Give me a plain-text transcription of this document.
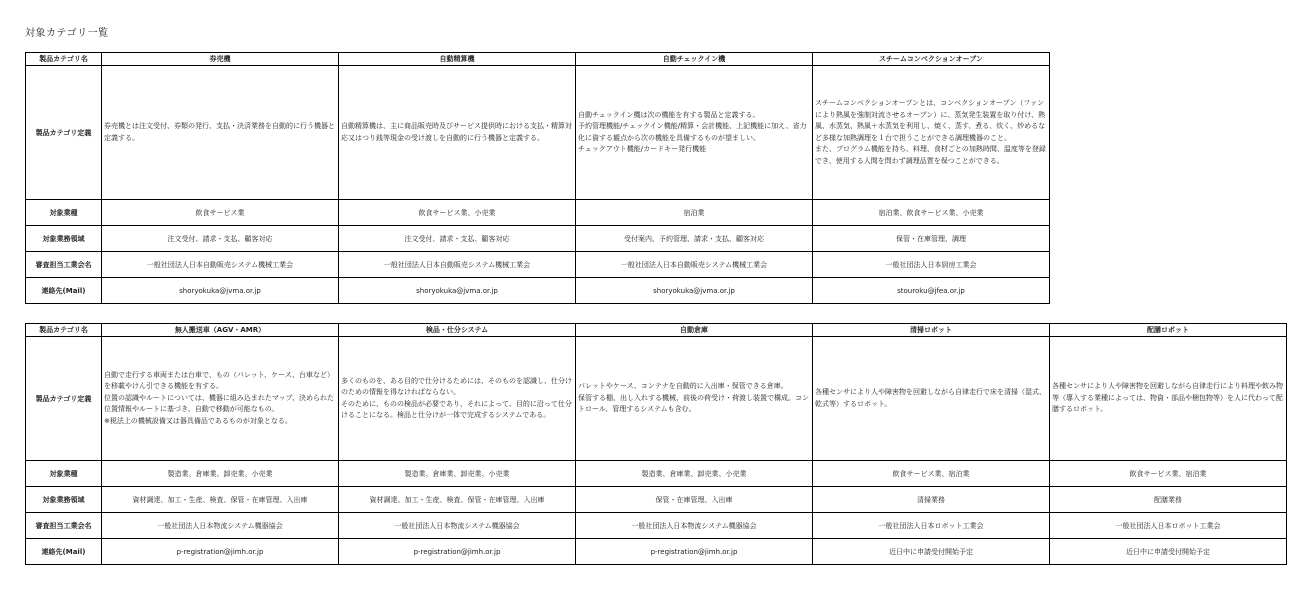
対象カテゴリ一覧
製品カテゴリ名	券売機	自動精算機	自動チェックイン機	スチームコンベクションオーブン
製品カテゴリ定義	券売機とは注文受付、券類の発行、支払・決済業務を自動的に行う機器と定義する。	自動精算機は、主に商品販売時及びサービス提供時における支払・精算対応又はつり銭等現金の受け渡しを自動的に行う機器と定義する。	自動チェックイン機は次の機能を有する製品と定義する。
予約管理機能/チェックイン機能/精算・会計機能、上記機能に加え、省力化に資する観点から次の機能を具備するものが望ましい。
チェックアウト機能/カードキー発行機能	スチームコンベクションオーブンとは、コンベクションオーブン（ファンにより熱風を強制対流させるオーブン）に、蒸気発生装置を取り付け、熱風、水蒸気、熱風＋水蒸気を利用し、焼く、蒸す、煮る、炊く、炒めるなど多様な加熱調理を１台で担うことができる調理機器のこと。
また、プログラム機能を持ち、料理、食材ごとの加熱時間、温度等を登録でき、使用する人間を問わず調理品質を保つことができる。
対象業種	飲食サービス業	飲食サービス業、小売業	宿泊業	宿泊業、飲食サービス業、小売業
対象業務領域	注文受付、請求・支払、顧客対応	注文受付、請求・支払、顧客対応	受付案内、予約管理、請求・支払、顧客対応	保管・在庫管理、調理
審査担当工業会名	一般社団法人日本自動販売システム機械工業会	一般社団法人日本自動販売システム機械工業会	一般社団法人日本自動販売システム機械工業会	一般社団法人日本厨房工業会
連絡先(Mail)	shoryokuka@jvma.or.jp	shoryokuka@jvma.or.jp	shoryokuka@jvma.or.jp	stouroku@jfea.or.jp
製品カテゴリ名	無人搬送車（AGV・AMR）	検品・仕分システム	自動倉庫	清掃ロボット	配膳ロボット
製品カテゴリ定義	自動で走行する車両または台車で、もの（パレット、ケース、台車など）を移載やけん引できる機能を有する。
位置の認識やルートについては、機器に組み込まれたマップ、決められた位置情報やルートに基づき、自動で移動が可能なもの。
※税法上の機械設備又は器具備品であるものが対象となる。	多くのものを、ある目的で仕分けるためには、そのものを認識し、仕分けのための情報を得なければならない。
そのために、ものの検品が必要であり、それによって、目的に沿って仕分けることになる。検品と仕分けが一体で完成するシステムである。	パレットやケース、コンテナを自動的に入出庫・保管できる倉庫。
保管する棚、出し入れする機械、前後の荷受け・荷渡し装置で構成。コントロール、管理するシステムも含む。	各種センサにより人や障害物を回避しながら自律走行で床を清掃（湿式、乾式等）するロボット。	各種センサにより人や障害物を回避しながら自律走行により料理や飲み物等（導入する業種によっては、物資・部品や梱包物等）を人に代わって配膳するロボット。
対象業種	製造業、倉庫業、卸売業、小売業	製造業、倉庫業、卸売業、小売業	製造業、倉庫業、卸売業、小売業	飲食サービス業、宿泊業	飲食サービス業、宿泊業
対象業務領域	資材調達、加工・生産、検査、保管・在庫管理、入出庫	資材調達、加工・生産、検査、保管・在庫管理、入出庫	保管・在庫管理、入出庫	清掃業務	配膳業務
審査担当工業会名	一般社団法人日本物流システム機器協会	一般社団法人日本物流システム機器協会	一般社団法人日本物流システム機器協会	一般社団法人日本ロボット工業会	一般社団法人日本ロボット工業会
連絡先(Mail)	p-registration@jimh.or.jp	p-registration@jimh.or.jp	p-registration@jimh.or.jp	近日中に申請受付開始予定	近日中に申請受付開始予定
